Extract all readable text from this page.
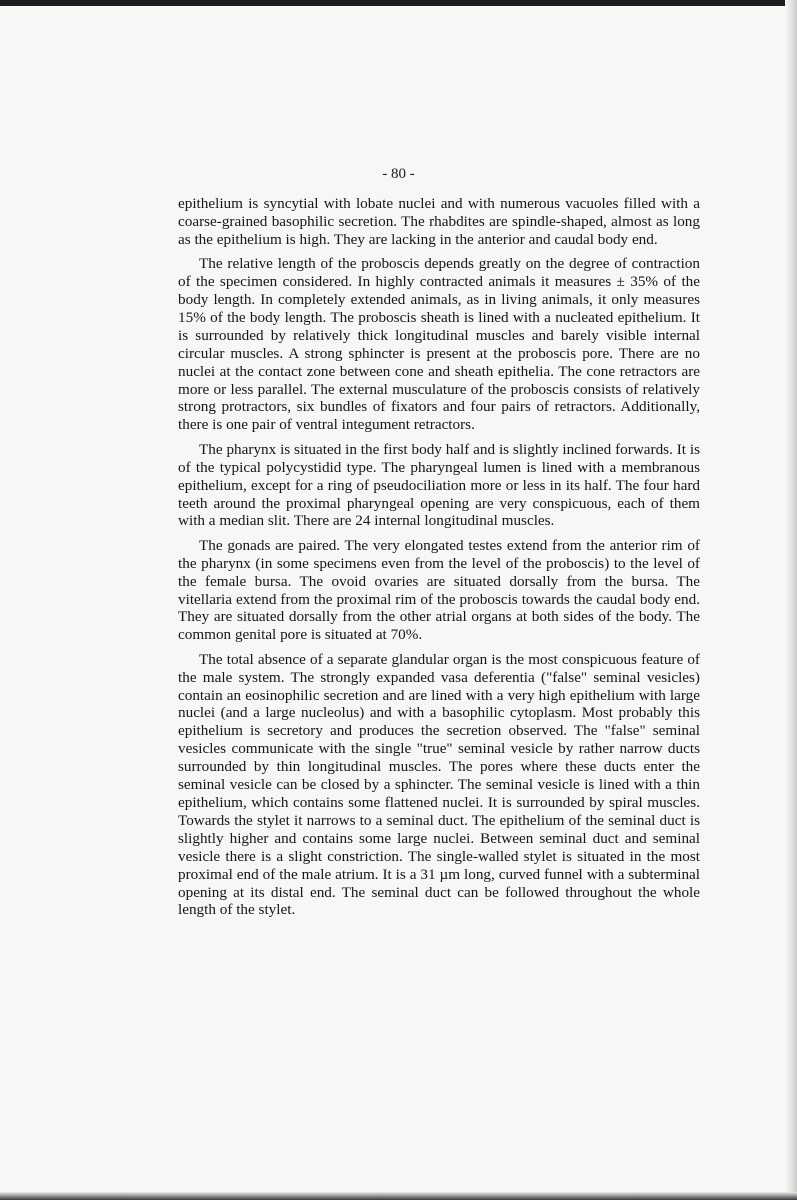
- 80 -

epithelium is syncytial with lobate nuclei and with numerous vacuoles filled with a coarse-grained basophilic secretion. The rhabdites are spindle-shaped, almost as long as the epithelium is high. They are lacking in the anterior and caudal body end.

The relative length of the proboscis depends greatly on the degree of contraction of the specimen considered. In highly contracted animals it measures ± 35% of the body length. In completely extended animals, as in living animals, it only measures 15% of the body length. The proboscis sheath is lined with a nucleated epithelium. It is surrounded by relatively thick longitudinal muscles and barely visible internal circular muscles. A strong sphincter is present at the proboscis pore. There are no nuclei at the contact zone between cone and sheath epithelia. The cone retractors are more or less parallel. The external musculature of the proboscis consists of relatively strong protractors, six bundles of fixators and four pairs of retractors. Additionally, there is one pair of ventral integument retractors.

The pharynx is situated in the first body half and is slightly inclined forwards. It is of the typical polycystidid type. The pharyngeal lumen is lined with a membranous epithelium, except for a ring of pseudociliation more or less in its half. The four hard teeth around the proximal pharyngeal opening are very conspicuous, each of them with a median slit. There are 24 internal longitudinal muscles.

The gonads are paired. The very elongated testes extend from the anterior rim of the pharynx (in some specimens even from the level of the proboscis) to the level of the female bursa. The ovoid ovaries are situated dorsally from the bursa. The vitellaria extend from the proximal rim of the proboscis towards the caudal body end. They are situated dorsally from the other atrial organs at both sides of the body. The common genital pore is situated at 70%.

The total absence of a separate glandular organ is the most conspicuous feature of the male system. The strongly expanded vasa deferentia ("false" seminal vesicles) contain an eosinophilic secretion and are lined with a very high epithelium with large nuclei (and a large nucleolus) and with a basophilic cytoplasm. Most probably this epithelium is secretory and produces the secretion observed. The "false" seminal vesicles communicate with the single "true" seminal vesicle by rather narrow ducts surrounded by thin longitudinal muscles. The pores where these ducts enter the seminal vesicle can be closed by a sphincter. The seminal vesicle is lined with a thin epithelium, which contains some flattened nuclei. It is surrounded by spiral muscles. Towards the stylet it narrows to a seminal duct. The epithelium of the seminal duct is slightly higher and contains some large nuclei. Between seminal duct and seminal vesicle there is a slight constriction. The single-walled stylet is situated in the most proximal end of the male atrium. It is a 31 µm long, curved funnel with a subterminal opening at its distal end. The seminal duct can be followed throughout the whole length of the stylet.
